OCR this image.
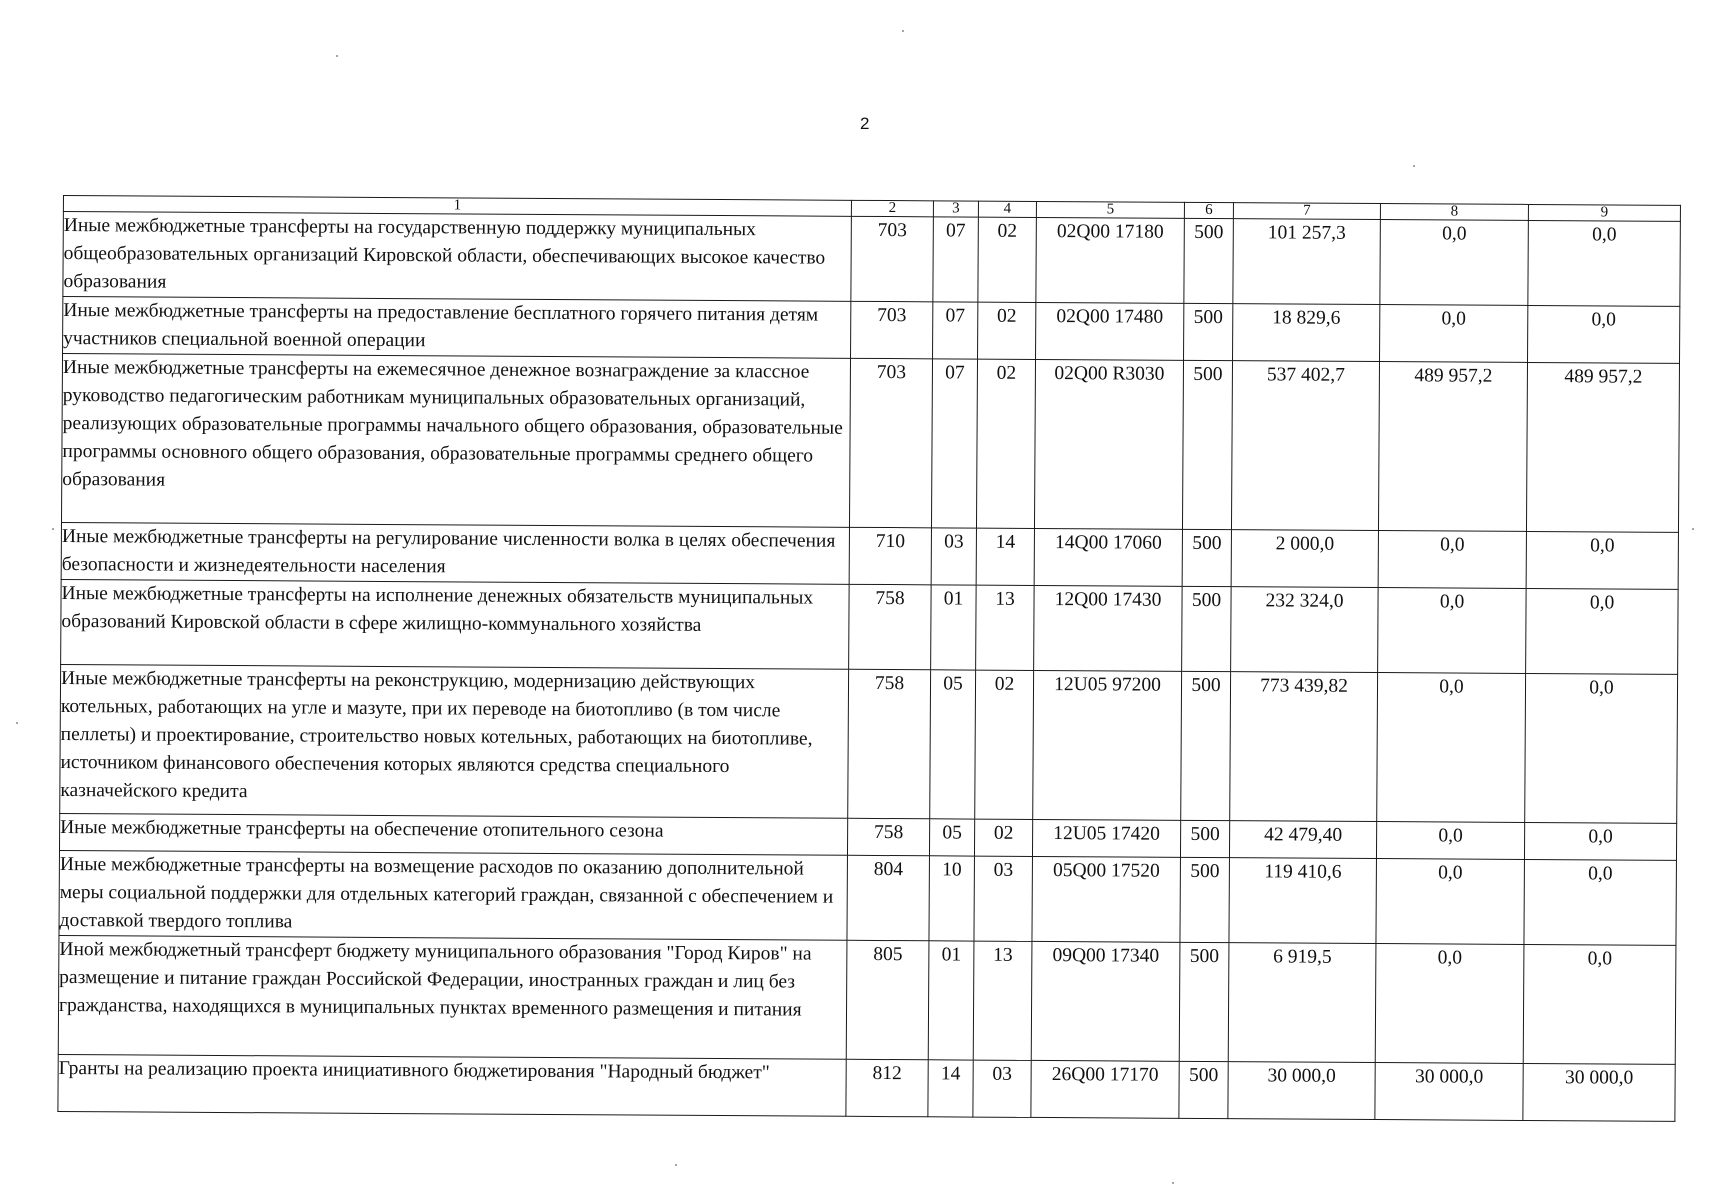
2
1	2	3	4	5	6	7	8	9
Иные межбюджетные трансферты на государственную поддержку муниципальных общеобразовательных организаций Кировской области, обеспечивающих высокое качество образования	703	07	02	02Q00 17180	500	101 257,3	0,0	0,0
Иные межбюджетные трансферты на предоставление бесплатного горячего питания детям участников специальной военной операции	703	07	02	02Q00 17480	500	18 829,6	0,0	0,0
Иные межбюджетные трансферты на ежемесячное денежное вознаграждение за классное руководство педагогическим работникам муниципальных образовательных организаций, реализующих образовательные программы начального общего образования, образовательные программы основного общего образования, образовательные программы среднего общего образования	703	07	02	02Q00 R3030	500	537 402,7	489 957,2	489 957,2
Иные межбюджетные трансферты на регулирование численности волка в целях обеспечения безопасности и жизнедеятельности населения	710	03	14	14Q00 17060	500	2 000,0	0,0	0,0
Иные межбюджетные трансферты на исполнение денежных обязательств муниципальных образований Кировской области в сфере жилищно-коммунального хозяйства	758	01	13	12Q00 17430	500	232 324,0	0,0	0,0
Иные межбюджетные трансферты на реконструкцию, модернизацию действующих котельных, работающих на угле и мазуте, при их переводе на биотопливо (в том числе пеллеты) и проектирование, строительство новых котельных, работающих на биотопливе, источником финансового обеспечения которых являются средства специального казначейского кредита	758	05	02	12U05 97200	500	773 439,82	0,0	0,0
Иные межбюджетные трансферты на обеспечение отопительного сезона	758	05	02	12U05 17420	500	42 479,40	0,0	0,0
Иные межбюджетные трансферты на возмещение расходов по оказанию дополнительной меры социальной поддержки для отдельных категорий граждан, связанной с обеспечением и доставкой твердого топлива	804	10	03	05Q00 17520	500	119 410,6	0,0	0,0
Иной межбюджетный трансферт бюджету муниципального образования "Город Киров" на размещение и питание граждан Российской Федерации, иностранных граждан и лиц без гражданства, находящихся в муниципальных пунктах временного размещения и питания	805	01	13	09Q00 17340	500	6 919,5	0,0	0,0
Гранты на реализацию проекта инициативного бюджетирования "Народный бюджет"	812	14	03	26Q00 17170	500	30 000,0	30 000,0	30 000,0
